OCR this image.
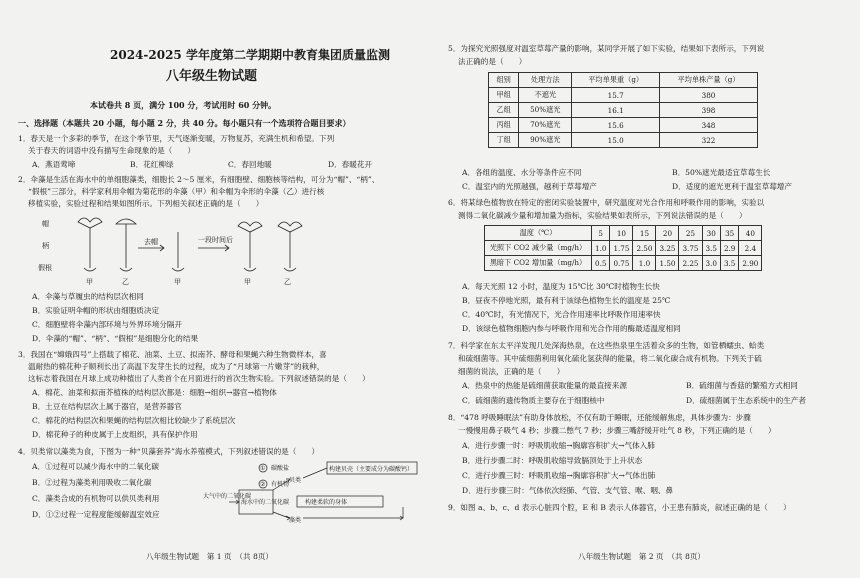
2024-2025 学年度第二学期期中教育集团质量监测
八年级生物试题
本试卷共 8 页，满分 100 分，考试用时 60 分钟。
一、选择题（本题共 20 小题，每小题 2 分，共 40 分。每小题只有一个选项符合题目要求）
1．春天是一个多彩的季节，在这个季节里，天气逐渐变暖，万物复苏，充满生机和希望。下列
关于春天的词语中没有描写生命现象的是（　　）
A．燕语莺啼	B．花红柳绿	C．春回地暖	D．春暖花开
2．伞藻是生活在海水中的单细胞藻类，细胞长 2～5 厘米，有细胞壁、细胞核等结构，可分为“帽”、“柄”、
“假根”三部分，科学家利用伞帽为菊花形的伞藻（甲）和伞帽为伞形的伞藻（乙）进行核
移植实验，实验过程和结果如图所示。下列相关叙述正确的是（　　）
帽
柄
假根
甲	乙
去帽	一段时间后
甲	甲	乙
A．伞藻与草履虫的结构层次相同
B．实验证明伞帽的形状由细胞质决定
C．细胞壁将伞藻内部环境与外界环境分隔开
D．伞藻的“帽”、“柄”、“假根”是细胞分化的结果
3．我国在“嫦娥四号”上搭载了棉花、油菜、土豆、拟南芥、酵母和果蝇六种生物微样本，喜
温耐热的棉花种子顺利长出了高温下发芽生长的过程，成为了“月球第一片嫩芽”的栽种，
这标志着我国在月球上成功种植出了人类首个在月面进行的首次生物实验。下列叙述错误的是（　　）
A．棉花、油菜和拟南芥植株的结构层次都是：细胞→组织→器官→植物体
B．土豆在结构层次上属于器官，是营养器官
C．棉花的结构层次和果蝇的结构层次相比较缺少了系统层次
D．棉花种子的种皮属于上皮组织，具有保护作用
4．贝类常以藻类为食，下图为一种“贝藻套养”海水养殖模式，下列叙述错误的是（　　）
A．①过程可以减少海水中的二氧化碳
B．②过程为藻类利用吸收二氧化碳
C．藻类合成的有机物可以供贝类利用
D．①②过程一定程度能缓解温室效应
大气中的二氧化碳
海水中的二氧化碳
贝类
藻类
构建贝壳（主要成分为碳酸钙）
构建柔软的身体
①
②
碳酸盐
有机物
八年级生物试题　第 1 页　（共 8页）
5．为探究光照强度对温室草莓产量的影响，某同学开展了如下实验，结果如下表所示，下列说
法正确的是（　　）
组别	处理方法	平均单果重（g）	平均单株产量（g）
甲组	不遮光	15.7	380
乙组	50%遮光	16.1	398
丙组	70%遮光	15.6	348
丁组	90%遮光	15.0	322
A．各组的温度、水分等条件应不同	B．50%遮光最适宜草莓生长
C．温室内的光照越强，越利于草莓增产	D．适度的遮光更利于温室草莓增产
6．将某绿色植物放在特定的密闭实验装置中，研究温度对光合作用和呼吸作用的影响，实验以
测得二氧化碳减少量和增加量为指标，实验结果如表所示，下列说法错误的是（　　）
温度（℃）	5	10	15	20	25	30	35	40
光照下 CO2 减少量（mg/h）	1.0	1.75	2.50	3.25	3.75	3.5	2.9	2.4
黑暗下 CO2 增加量（mg/h）	0.5	0.75	1.0	1.50	2.25	3.0	3.5	2.90
A．每天光照 12 小时，温度为 15℃比 30℃时植物生长快
B．昼夜不停地光照，最有利于该绿色植物生长的温度是 25℃
C．40℃时，有光情况下，光合作用速率比呼吸作用速率快
D．该绿色植物细胞内参与呼吸作用和光合作用的酶最适温度相同
7．科学家在东太平洋发现几处深海热泉，在这些热泉里生活着众多的生物，如管栖蠕虫、蛤类
和硫细菌等。其中硫细菌利用氧化硫化氢获得的能量，将二氧化碳合成有机物。下列关于硫
细菌的说法，正确的是（　　）
A．热泉中的热能是硫细菌获取能量的最直接来源	B．硫细菌与香菇的繁殖方式相同
C．硫细菌的遗传物质主要存在于细胞核中	D．硫细菌属于生态系统中的生产者
8．“478 呼吸睡眠法”有助身体放松，不仅有助于睡眠，还能缓解焦虑，具体步骤为：步骤
一慢慢用鼻子吸气 4 秒；步骤二憋气 7 秒；步骤三嘴舒缓开吐气 8 秒，下列正确的是（　　）
A．进行步骤一时：呼吸肌收缩→胸廓容积扩大→气体入肺
B．进行步骤二时：呼吸肌收缩导致膈顶处于上升状态
C．进行步骤三时：呼吸肌收缩→胸廓容积扩大→气体出肺
D．进行步骤三时：气体依次经肺、气管、支气管、喉、咽、鼻
9．如图 a、b、c、d 表示心脏四个腔，E 和 B 表示人体器官，小王患有肺炎，叙述正确的是（　　）
八年级生物试题　第 2 页　（共 8页）
